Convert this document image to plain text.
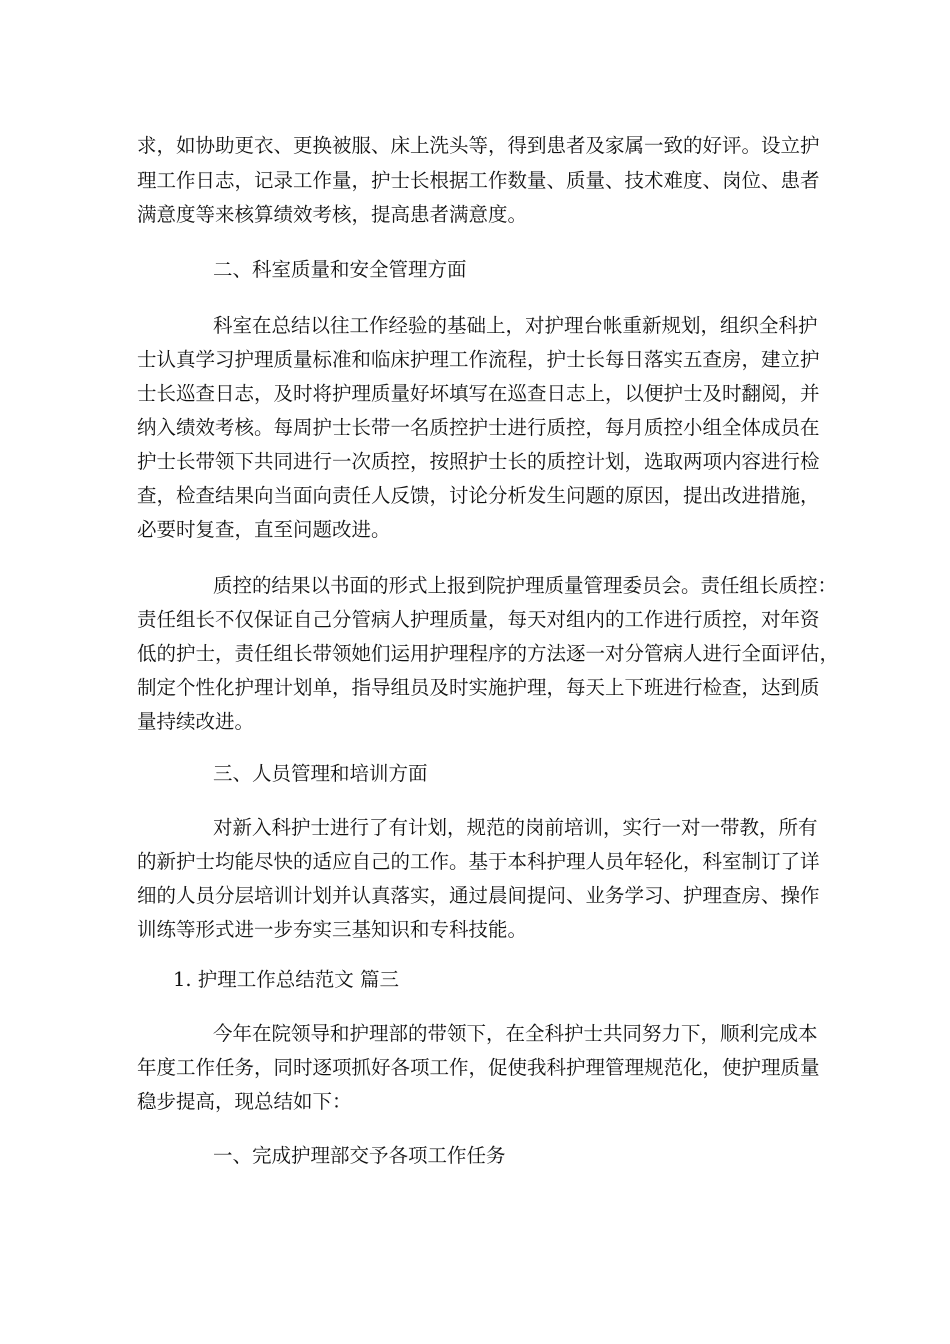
求，如协助更衣、更换被服、床上洗头等，得到患者及家属一致的好评。设立护
理工作日志，记录工作量，护士长根据工作数量、质量、技术难度、岗位、患者
满意度等来核算绩效考核，提高患者满意度。
二、科室质量和安全管理方面
科室在总结以往工作经验的基础上，对护理台帐重新规划，组织全科护
士认真学习护理质量标准和临床护理工作流程，护士长每日落实五查房，建立护
士长巡查日志，及时将护理质量好坏填写在巡查日志上，以便护士及时翻阅，并
纳入绩效考核。每周护士长带一名质控护士进行质控，每月质控小组全体成员在
护士长带领下共同进行一次质控，按照护士长的质控计划，选取两项内容进行检
查，检查结果向当面向责任人反馈，讨论分析发生问题的原因，提出改进措施，
必要时复查，直至问题改进。
质控的结果以书面的形式上报到院护理质量管理委员会。责任组长质控：
责任组长不仅保证自己分管病人护理质量，每天对组内的工作进行质控，对年资
低的护士，责任组长带领她们运用护理程序的方法逐一对分管病人进行全面评估，
制定个性化护理计划单，指导组员及时实施护理，每天上下班进行检查，达到质
量持续改进。
三、人员管理和培训方面
对新入科护士进行了有计划，规范的岗前培训，实行一对一带教，所有
的新护士均能尽快的适应自己的工作。基于本科护理人员年轻化，科室制订了详
细的人员分层培训计划并认真落实，通过晨间提问、业务学习、护理查房、操作
训练等形式进一步夯实三基知识和专科技能。
1. 护理工作总结范文 篇三
今年在院领导和护理部的带领下，在全科护士共同努力下，顺利完成本
年度工作任务，同时逐项抓好各项工作，促使我科护理管理规范化，使护理质量
稳步提高，现总结如下：
一、完成护理部交予各项工作任务
